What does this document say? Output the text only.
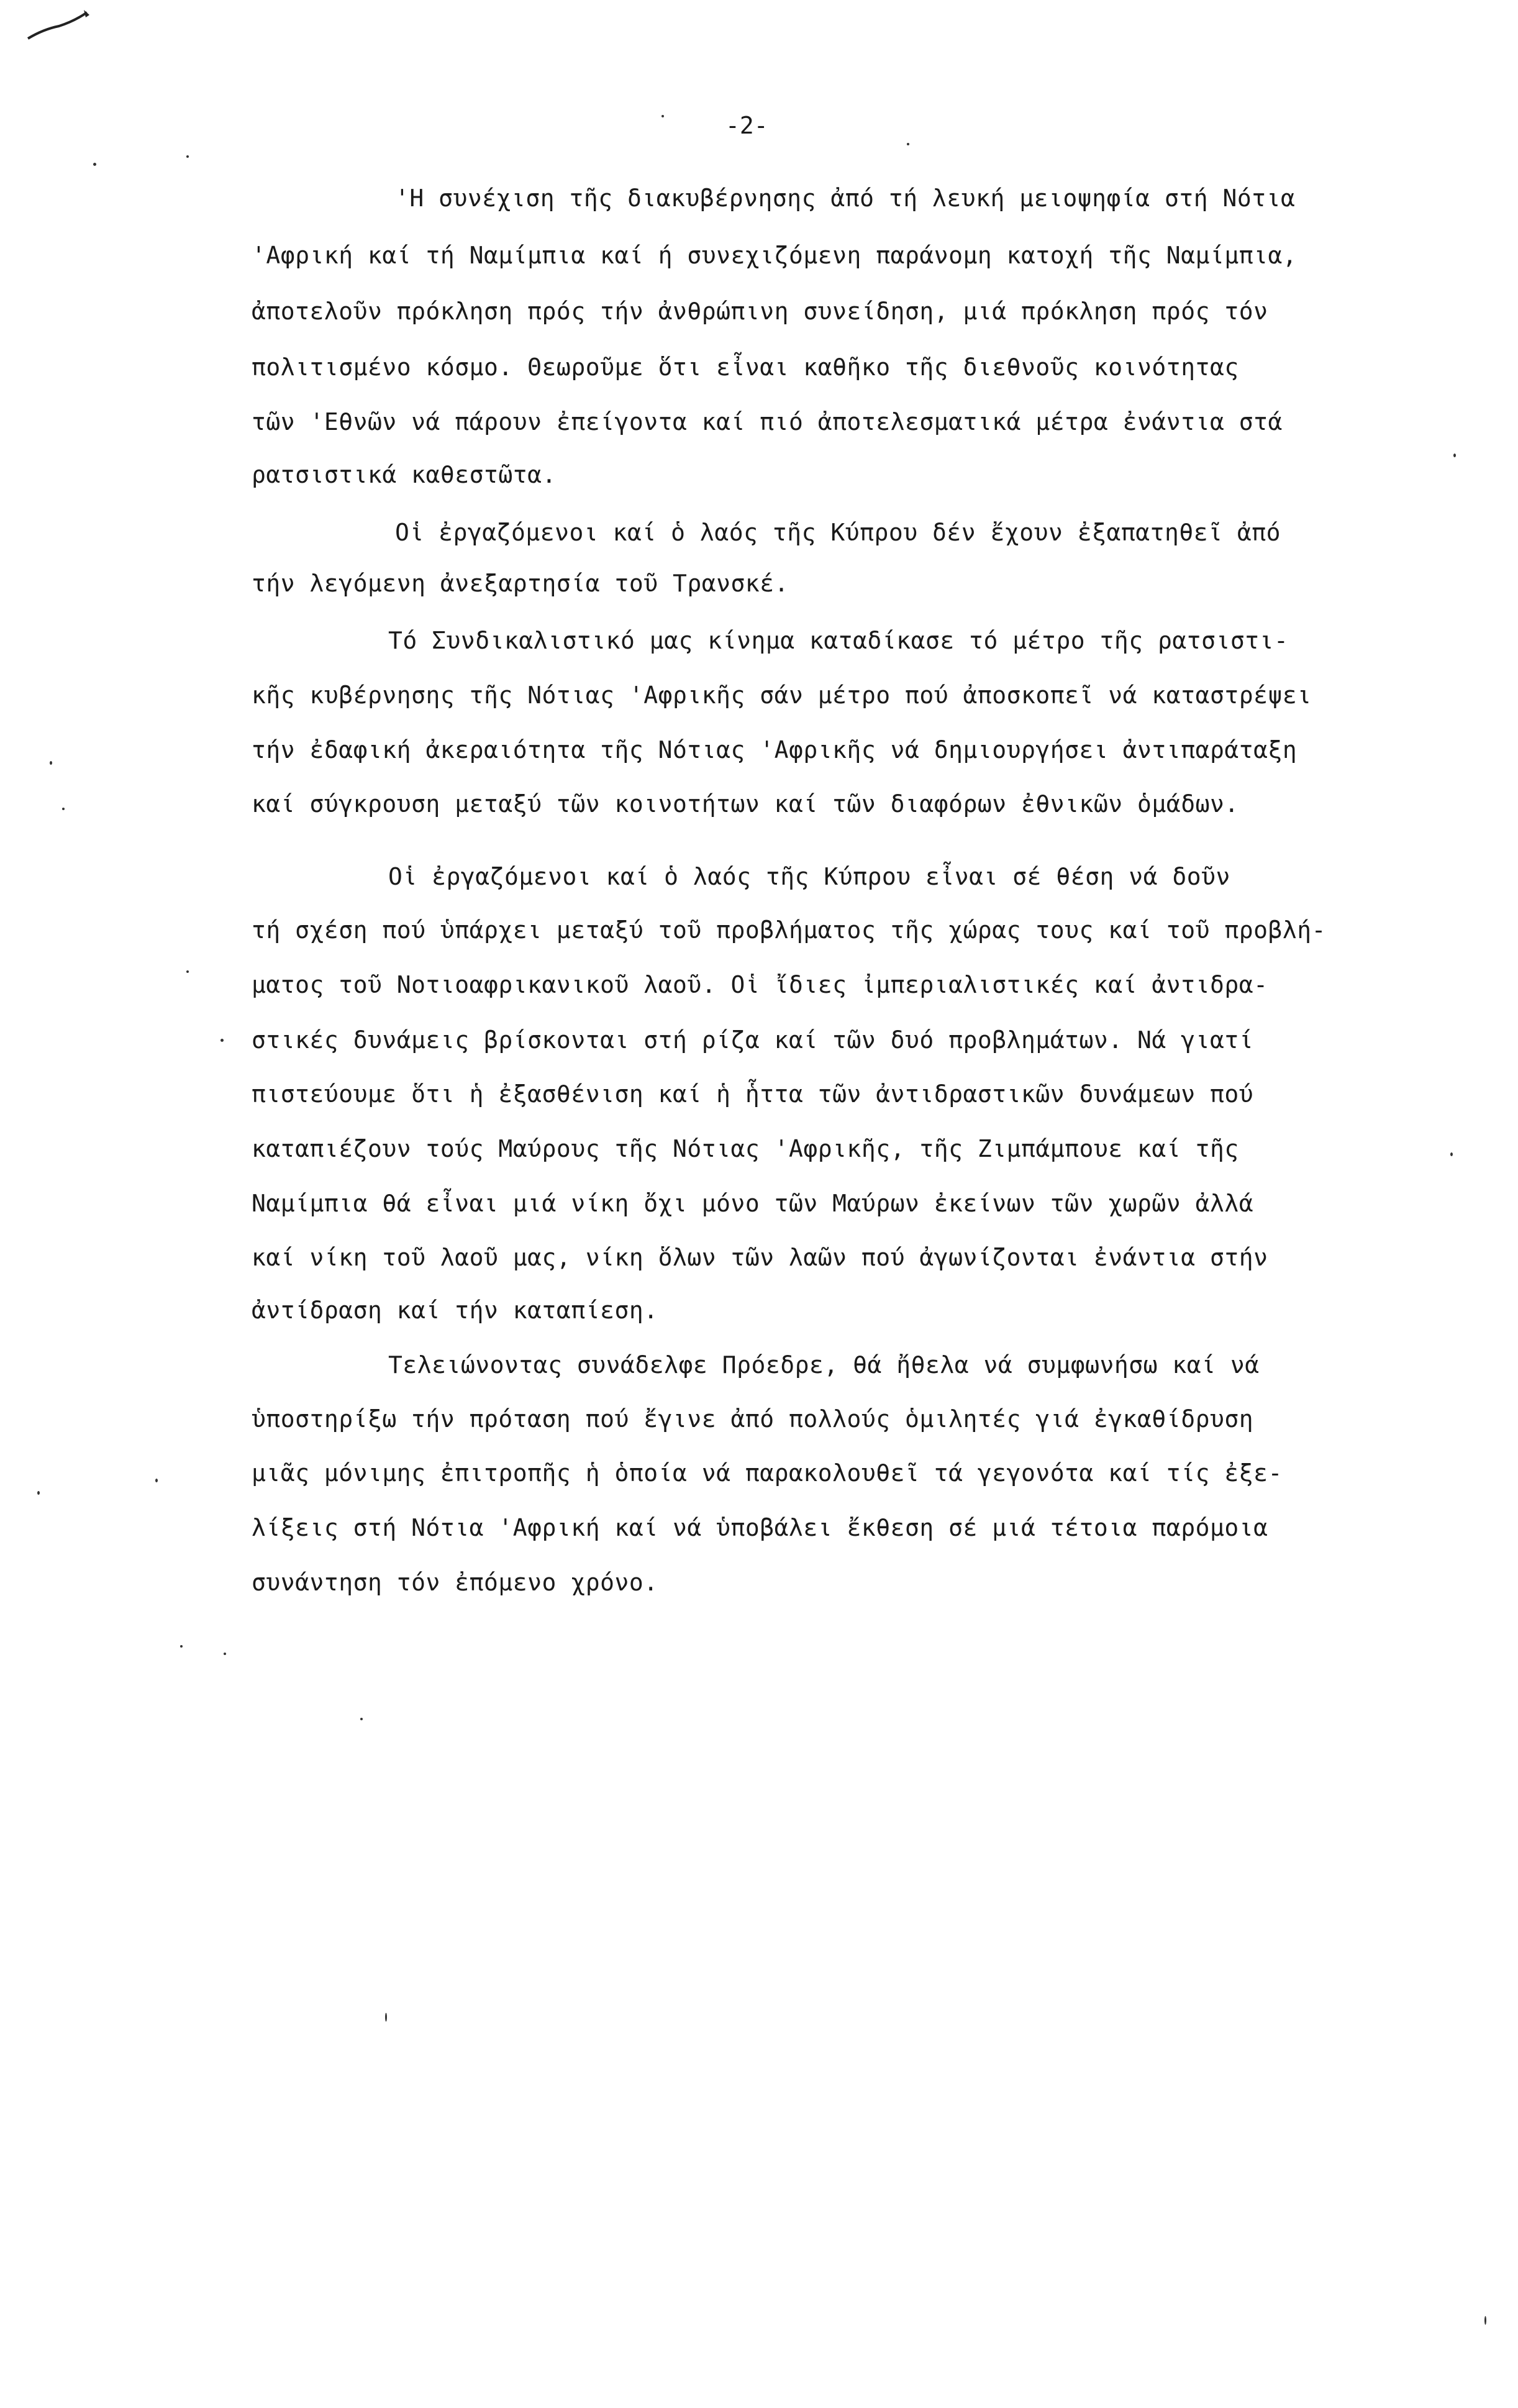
-2-
'Η συνέχιση τῆς διακυβέρνησης ἀπό τή λευκή μειοψηφία στή Νότια
'Αφρική καί τή Ναμίμπια καί ή συνεχιζόμενη παράνομη κατοχή τῆς Ναμίμπια,
ἀποτελοῦν πρόκληση πρός τήν ἀνθρώπινη συνείδηση, μιά πρόκληση πρός τόν
πολιτισμένο κόσμο. Θεωροῦμε ὅτι εἶναι καθῆκο τῆς διεθνοῦς κοινότητας
τῶν 'Εθνῶν νά πάρουν ἐπείγοντα καί πιό ἀποτελεσματικά μέτρα ἐνάντια στά
ρατσιστικά καθεστῶτα.
Οἱ ἐργαζόμενοι καί ὁ λαός τῆς Κύπρου δέν ἔχουν ἐξαπατηθεῖ ἀπό
τήν λεγόμενη ἀνεξαρτησία τοῦ Τρανσκέ.
Τό Συνδικαλιστικό μας κίνημα καταδίκασε τό μέτρο τῆς ρατσιστι-
κῆς κυβέρνησης τῆς Νότιας 'Αφρικῆς σάν μέτρο πού ἀποσκοπεῖ νά καταστρέψει
τήν ἐδαφική ἀκεραιότητα τῆς Νότιας 'Αφρικῆς νά δημιουργήσει ἀντιπαράταξη
καί σύγκρουση μεταξύ τῶν κοινοτήτων καί τῶν διαφόρων ἐθνικῶν ὁμάδων.
Οἱ ἐργαζόμενοι καί ὁ λαός τῆς Κύπρου εἶναι σέ θέση νά δοῦν
τή σχέση πού ὑπάρχει μεταξύ τοῦ προβλήματος τῆς χώρας τους καί τοῦ προβλή-
ματος τοῦ Νοτιοαφρικανικοῦ λαοῦ. Οἱ ἴδιες ἰμπεριαλιστικές καί ἀντιδρα-
στικές δυνάμεις βρίσκονται στή ρίζα καί τῶν δυό προβλημάτων. Νά γιατί
πιστεύουμε ὅτι ἡ ἐξασθένιση καί ἡ ἧττα τῶν ἀντιδραστικῶν δυνάμεων πού
καταπιέζουν τούς Μαύρους τῆς Νότιας 'Αφρικῆς, τῆς Ζιμπάμπουε καί τῆς
Ναμίμπια θά εἶναι μιά νίκη ὄχι μόνο τῶν Μαύρων ἐκείνων τῶν χωρῶν ἀλλά
καί νίκη τοῦ λαοῦ μας, νίκη ὅλων τῶν λαῶν πού ἀγωνίζονται ἐνάντια στήν
ἀντίδραση καί τήν καταπίεση.
Τελειώνοντας συνάδελφε Πρόεδρε, θά ἤθελα νά συμφωνήσω καί νά
ὑποστηρίξω τήν πρόταση πού ἔγινε ἀπό πολλούς ὁμιλητές γιά ἐγκαθίδρυση
μιᾶς μόνιμης ἐπιτροπῆς ἡ ὁποία νά παρακολουθεῖ τά γεγονότα καί τίς ἐξε-
λίξεις στή Νότια 'Αφρική καί νά ὑποβάλει ἔκθεση σέ μιά τέτοια παρόμοια
συνάντηση τόν ἐπόμενο χρόνο.
